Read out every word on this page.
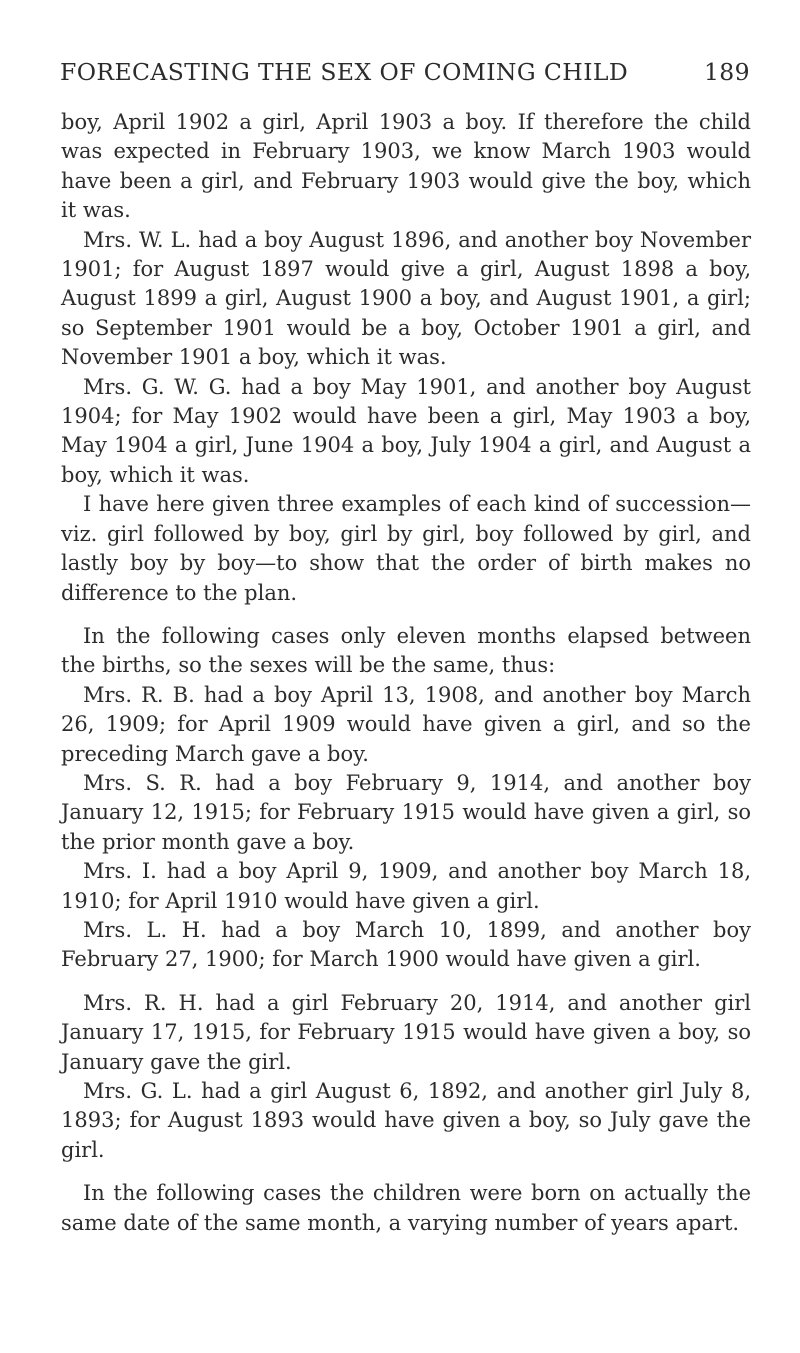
FORECASTING THE SEX OF COMING CHILD	189

boy, April 1902 a girl, April 1903 a boy. If therefore the child was expected in February 1903, we know March 1903 would have been a girl, and February 1903 would give the boy, which it was.

Mrs. W. L. had a boy August 1896, and another boy November 1901; for August 1897 would give a girl, August 1898 a boy, August 1899 a girl, August 1900 a boy, and August 1901, a girl; so September 1901 would be a boy, October 1901 a girl, and November 1901 a boy, which it was.

Mrs. G. W. G. had a boy May 1901, and another boy August 1904; for May 1902 would have been a girl, May 1903 a boy, May 1904 a girl, June 1904 a boy, July 1904 a girl, and August a boy, which it was.

I have here given three examples of each kind of succession—viz. girl followed by boy, girl by girl, boy followed by girl, and lastly boy by boy—to show that the order of birth makes no difference to the plan.

In the following cases only eleven months elapsed between the births, so the sexes will be the same, thus:

Mrs. R. B. had a boy April 13, 1908, and another boy March 26, 1909; for April 1909 would have given a girl, and so the preceding March gave a boy.

Mrs. S. R. had a boy February 9, 1914, and another boy January 12, 1915; for February 1915 would have given a girl, so the prior month gave a boy.

Mrs. I. had a boy April 9, 1909, and another boy March 18, 1910; for April 1910 would have given a girl.

Mrs. L. H. had a boy March 10, 1899, and another boy February 27, 1900; for March 1900 would have given a girl.

Mrs. R. H. had a girl February 20, 1914, and another girl January 17, 1915, for February 1915 would have given a boy, so January gave the girl.

Mrs. G. L. had a girl August 6, 1892, and another girl July 8, 1893; for August 1893 would have given a boy, so July gave the girl.

In the following cases the children were born on actually the same date of the same month, a varying number of years apart.
